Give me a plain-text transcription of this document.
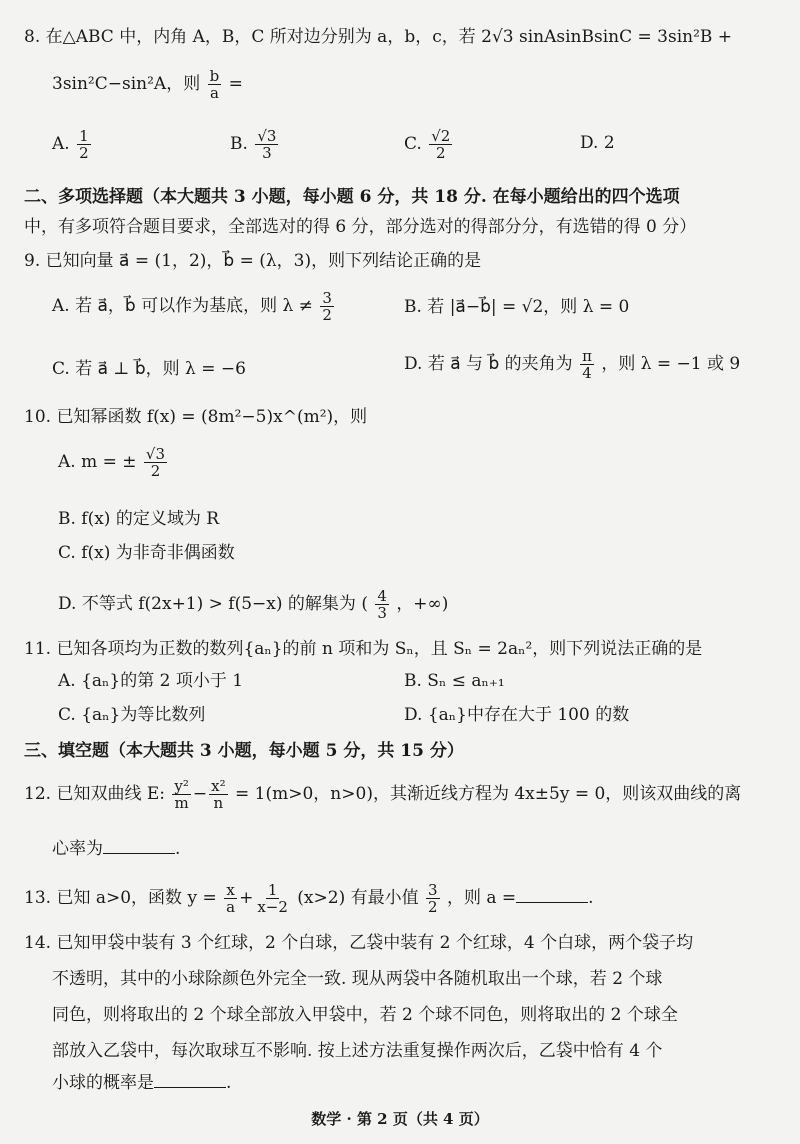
8. 在△ABC 中，内角 A，B，C 所对边分别为 a，b，c，若 2√3 sinAsinBsinC = 3sin²B +
3sin²C−sin²A，则 $\frac{b}{a}$ =
A. $\frac{1}{2}$	B. $\frac{√3}{3}$	C. $\frac{√2}{2}$	D. 2
二、多项选择题（本大题共 3 小题，每小题 6 分，共 18 分. 在每小题给出的四个选项
中，有多项符合题目要求，全部选对的得 6 分，部分选对的得部分分，有选错的得 0 分）
9. 已知向量 a⃗ = (1，2)，b⃗ = (λ，3)，则下列结论正确的是
A. 若 a⃗，b⃗ 可以作为基底，则 $\lambda \ne \frac{3}{2}$	B. 若 |a⃗−b⃗| = √2，则 λ = 0
C. 若 a⃗ ⊥ b⃗，则 λ = −6	D. 若 a⃗ 与 b⃗ 的夹角为 $\frac{\pi}{4}$ ，则 λ = −1 或 9
10. 已知幂函数 f(x) = (8m²−5)x^(m²)，则
A. m = ± $\frac{√3}{2}$
B. f(x) 的定义域为 R
C. f(x) 为非奇非偶函数
D. 不等式 f(2x+1) > f(5−x) 的解集为 ( $\frac{4}{3}$ ，+∞)
11. 已知各项均为正数的数列{aₙ}的前 n 项和为 Sₙ，且 Sₙ = 2aₙ²，则下列说法正确的是
A. {aₙ}的第 2 项小于 1	B. Sₙ ≤ aₙ₊₁
C. {aₙ}为等比数列	D. {aₙ}中存在大于 100 的数
三、填空题（本大题共 3 小题，每小题 5 分，共 15 分）
12. 已知双曲线 E: $\frac{\text{y²}}{m} - \frac{\text{x²}}{n} = 1(m>0$，n>0)，其渐近线方程为 4x±5y = 0，则该双曲线的离
心率为	.
13. 已知 a>0，函数 $y = \frac{x}{a} + \frac{1}{x-2} (x>2)$ 有最小值 $\frac{3}{2}$ ，则 a =	.
14. 已知甲袋中装有 3 个红球，2 个白球，乙袋中装有 2 个红球，4 个白球，两个袋子均
不透明，其中的小球除颜色外完全一致. 现从两袋中各随机取出一个球，若 2 个球
同色，则将取出的 2 个球全部放入甲袋中，若 2 个球不同色，则将取出的 2 个球全
部放入乙袋中，每次取球互不影响. 按上述方法重复操作两次后，乙袋中恰有 4 个
小球的概率是	.
数学 · 第 2 页（共 4 页）
